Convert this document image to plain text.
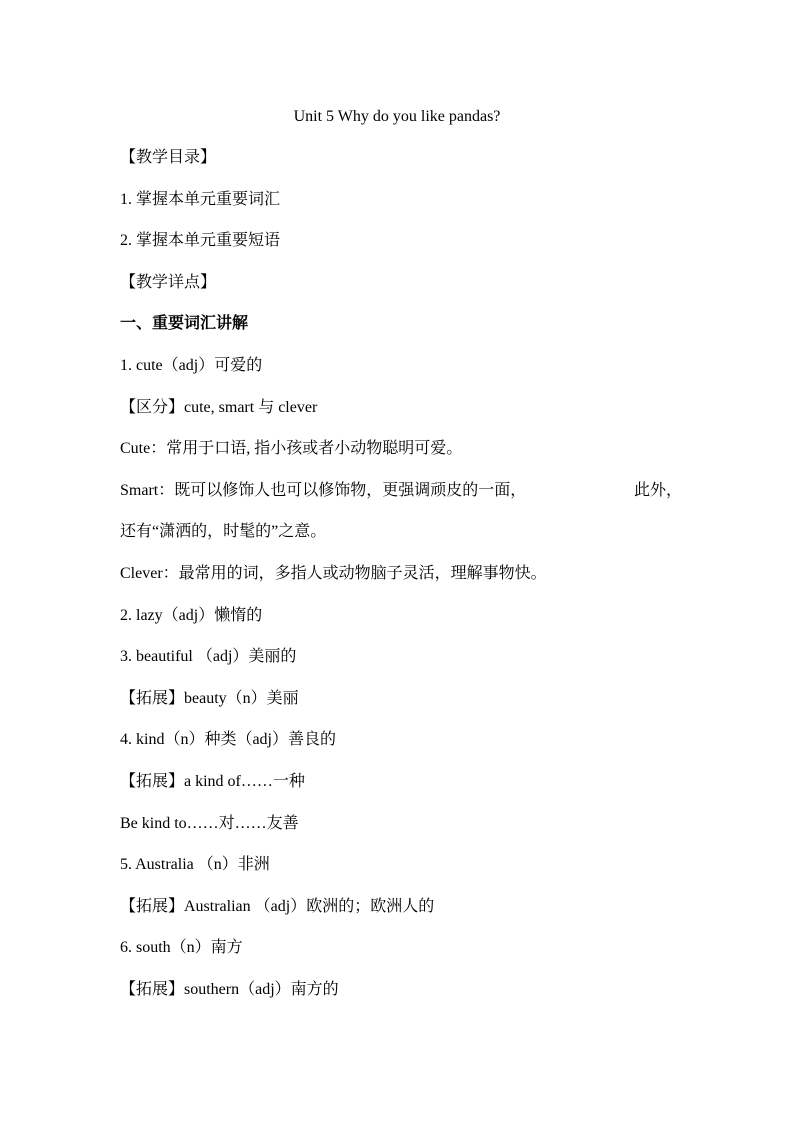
Unit 5 Why do you like pandas?
【教学目录】
1. 掌握本单元重要词汇
2. 掌握本单元重要短语
【教学详点】
一、重要词汇讲解
1. cute（adj）可爱的
【区分】cute, smart 与 clever
Cute：常用于口语, 指小孩或者小动物聪明可爱。
Smart：既可以修饰人也可以修饰物，更强调顽皮的一面，	此外，
还有“潇洒的，时髦的”之意。
Clever：最常用的词，多指人或动物脑子灵活，理解事物快。
2. lazy（adj）懒惰的
3. beautiful （adj）美丽的
【拓展】beauty（n）美丽
4. kind（n）种类（adj）善良的
【拓展】a kind of……一种
Be kind to……对……友善
5. Australia （n）非洲
【拓展】Australian （adj）欧洲的；欧洲人的
6. south（n）南方
【拓展】southern（adj）南方的
